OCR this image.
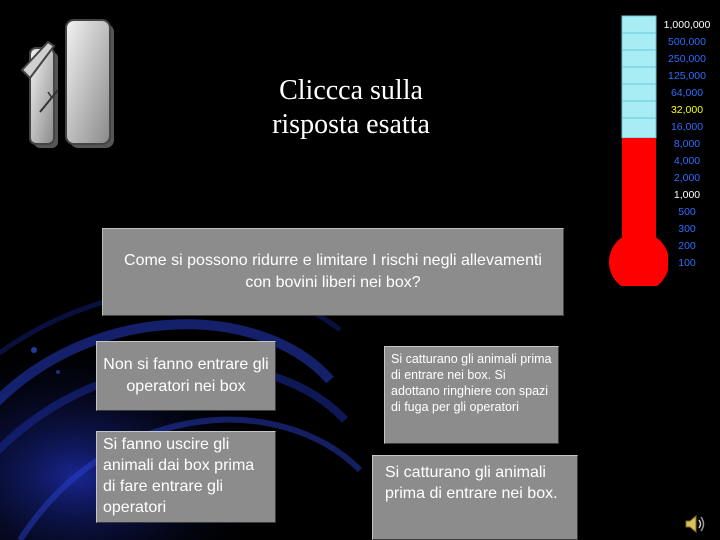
Cliccca sulla
risposta esatta
Come si possono ridurre e limitare I rischi negli allevamenti con bovini liberi nei box?
Non si fanno entrare gli operatori nei box
Si fanno uscire gli animali dai box prima di fare entrare gli operatori
Si catturano gli animali prima di entrare nei box. Si adottano ringhiere con spazi di fuga per gli operatori
Si catturano gli animali prima di entrare nei box.
1,000,000
500,000
250,000
125,000
64,000
32,000
16,000
8,000
4,000
2,000
1,000
500
300
200
100
